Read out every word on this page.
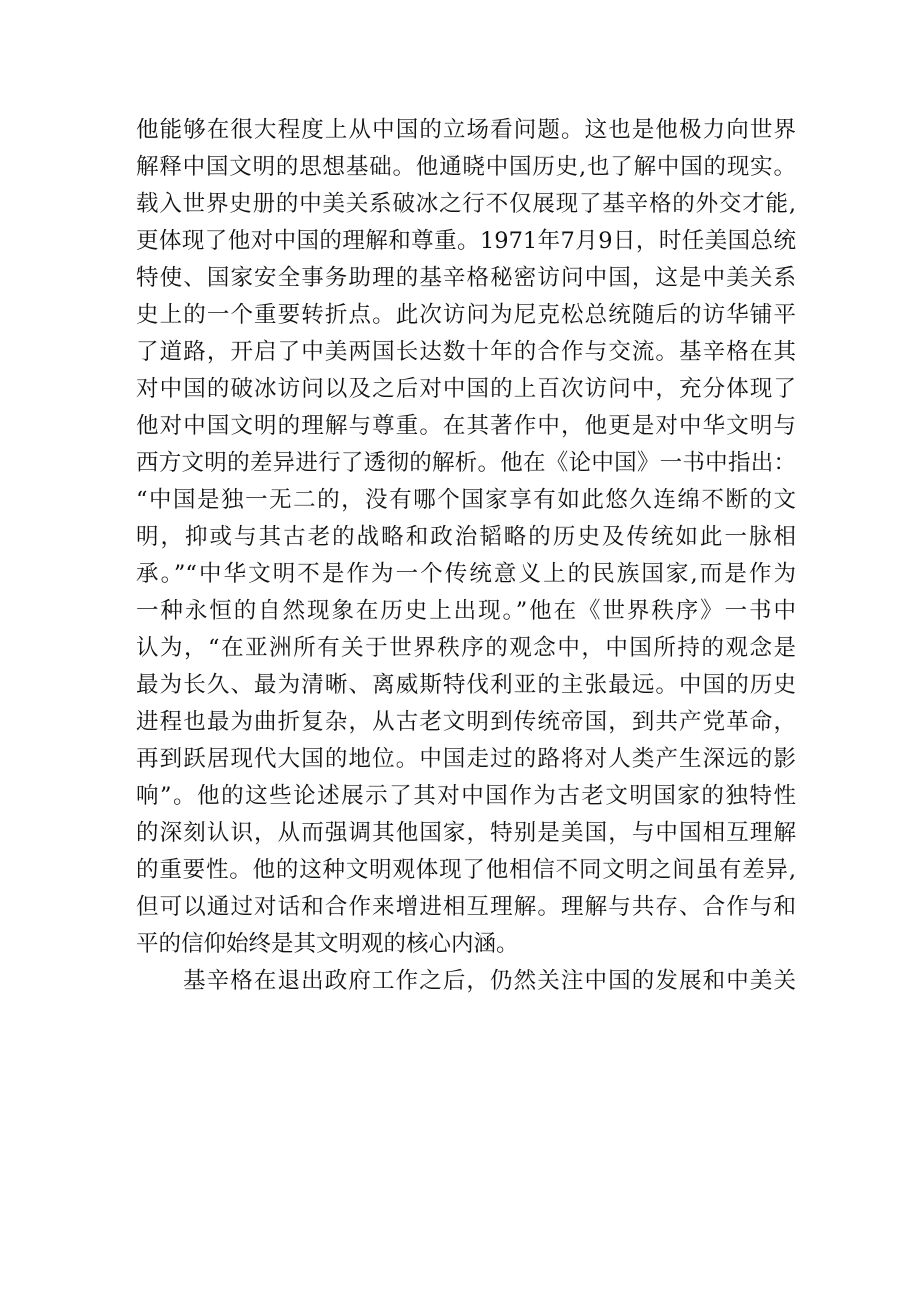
他能够在很大程度上从中国的立场看问题。这也是他极力向世界
解释中国文明的思想基础。他通晓中国历史,也了解中国的现实。
载入世界史册的中美关系破冰之行不仅展现了基辛格的外交才能,
更体现了他对中国的理解和尊重。1971年7月9日，时任美国总统
特使、国家安全事务助理的基辛格秘密访问中国，这是中美关系
史上的一个重要转折点。此次访问为尼克松总统随后的访华铺平
了道路，开启了中美两国长达数十年的合作与交流。基辛格在其
对中国的破冰访问以及之后对中国的上百次访问中，充分体现了
他对中国文明的理解与尊重。在其著作中，他更是对中华文明与
西方文明的差异进行了透彻的解析。他在《论中国》一书中指出：
“中国是独一无二的，没有哪个国家享有如此悠久连绵不断的文
明，抑或与其古老的战略和政治韬略的历史及传统如此一脉相
承。”“中华文明不是作为一个传统意义上的民族国家,而是作为
一种永恒的自然现象在历史上出现。”他在《世界秩序》一书中
认为，“在亚洲所有关于世界秩序的观念中，中国所持的观念是
最为长久、最为清晰、离威斯特伐利亚的主张最远。中国的历史
进程也最为曲折复杂，从古老文明到传统帝国，到共产党革命，
再到跃居现代大国的地位。中国走过的路将对人类产生深远的影
响”。他的这些论述展示了其对中国作为古老文明国家的独特性
的深刻认识，从而强调其他国家，特别是美国，与中国相互理解
的重要性。他的这种文明观体现了他相信不同文明之间虽有差异,
但可以通过对话和合作来增进相互理解。理解与共存、合作与和
平的信仰始终是其文明观的核心内涵。
基辛格在退出政府工作之后，仍然关注中国的发展和中美关
